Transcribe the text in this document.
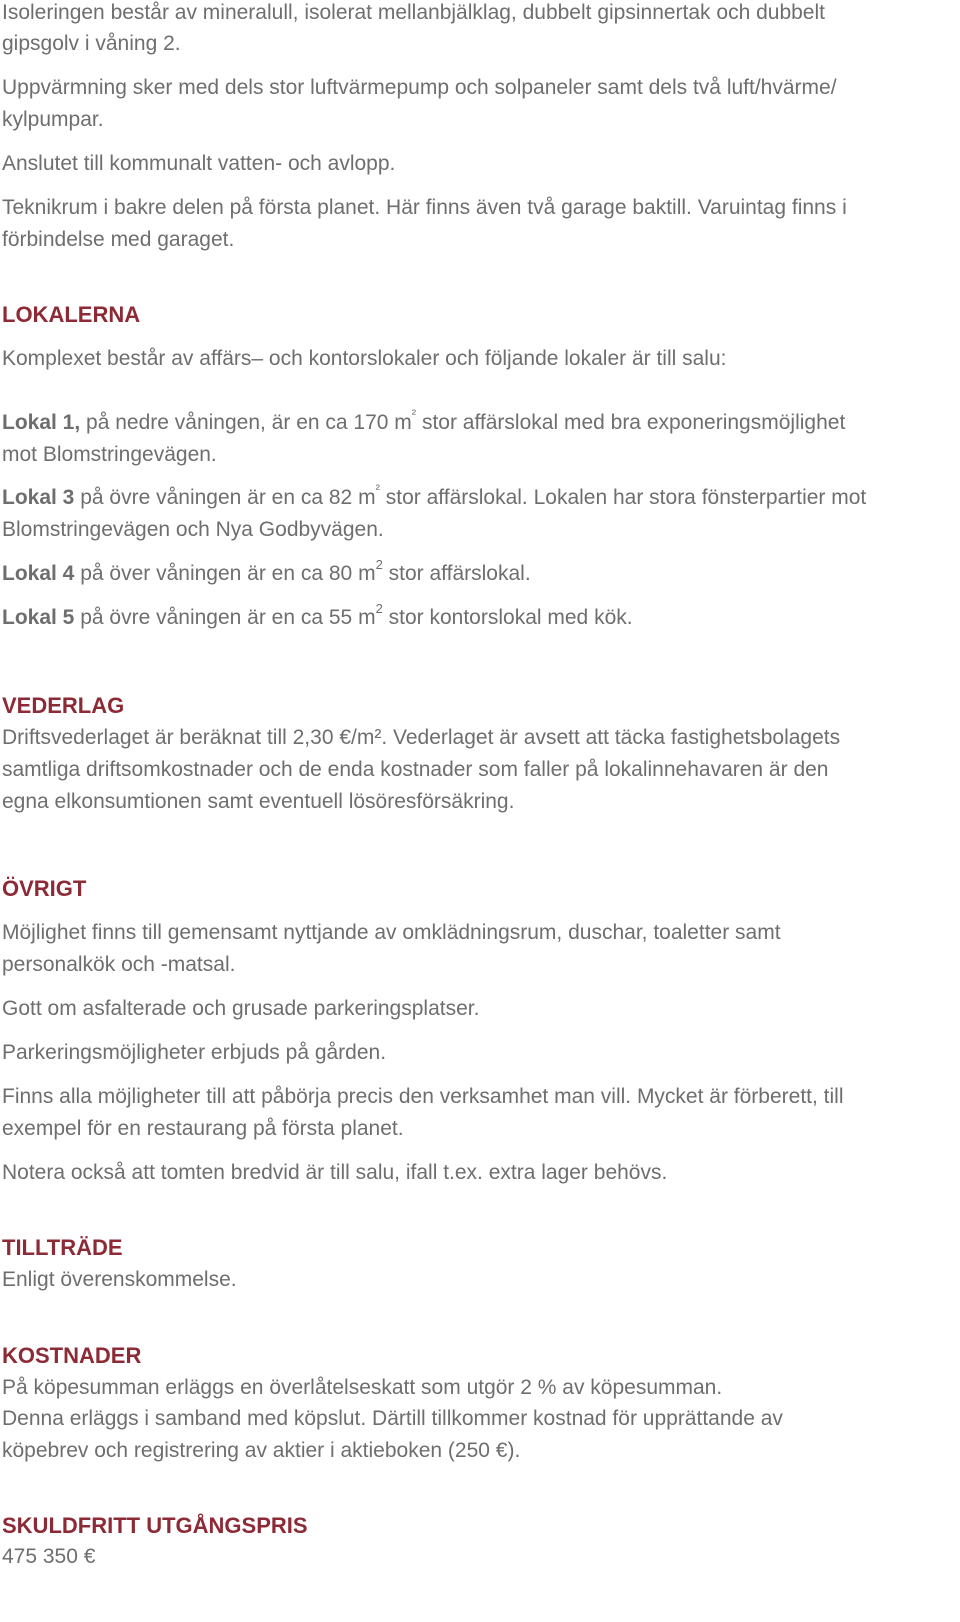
Isoleringen består av mineralull, isolerat mellanbjälklag, dubbelt gipsinnertak och dubbelt
gipsgolv i våning 2.
Uppvärmning sker med dels stor luftvärmepump och solpaneler samt dels två luft/hvärme/
kylpumpar.
Anslutet till kommunalt vatten- och avlopp.
Teknikrum i bakre delen på första planet. Här finns även två garage baktill. Varuintag finns i
förbindelse med garaget.
LOKALERNA
Komplexet består av affärs– och kontorslokaler och följande lokaler är till salu:
Lokal 1, på nedre våningen, är en ca 170 $m^{^2}$ stor affärslokal med bra exponeringsmöjlighet
mot Blomstringevägen.
Lokal 3 på övre våningen är en ca 82 $m^{^2}$ stor affärslokal. Lokalen har stora fönsterpartier mot
Blomstringevägen och Nya Godbyvägen.
Lokal 4 på över våningen är en ca 80 $m^2$ stor affärslokal.
Lokal 5 på övre våningen är en ca 55 $m^2$ stor kontorslokal med kök.
VEDERLAG
Driftsvederlaget är beräknat till 2,30 €/m². Vederlaget är avsett att täcka fastighetsbolagets
samtliga driftsomkostnader och de enda kostnader som faller på lokalinnehavaren är den
egna elkonsumtionen samt eventuell lösöresförsäkring.
ÖVRIGT
Möjlighet finns till gemensamt nyttjande av omklädningsrum, duschar, toaletter samt
personalkök och -matsal.
Gott om asfalterade och grusade parkeringsplatser.
Parkeringsmöjligheter erbjuds på gården.
Finns alla möjligheter till att påbörja precis den verksamhet man vill. Mycket är förberett, till
exempel för en restaurang på första planet.
Notera också att tomten bredvid är till salu, ifall t.ex. extra lager behövs.
TILLTRÄDE
Enligt överenskommelse.
KOSTNADER
På köpesumman erläggs en överlåtelseskatt som utgör 2 % av köpesumman.
Denna erläggs i samband med köpslut. Därtill tillkommer kostnad för upprättande av
köpebrev och registrering av aktier i aktieboken (250 €).
SKULDFRITT UTGÅNGSPRIS
475 350 €
